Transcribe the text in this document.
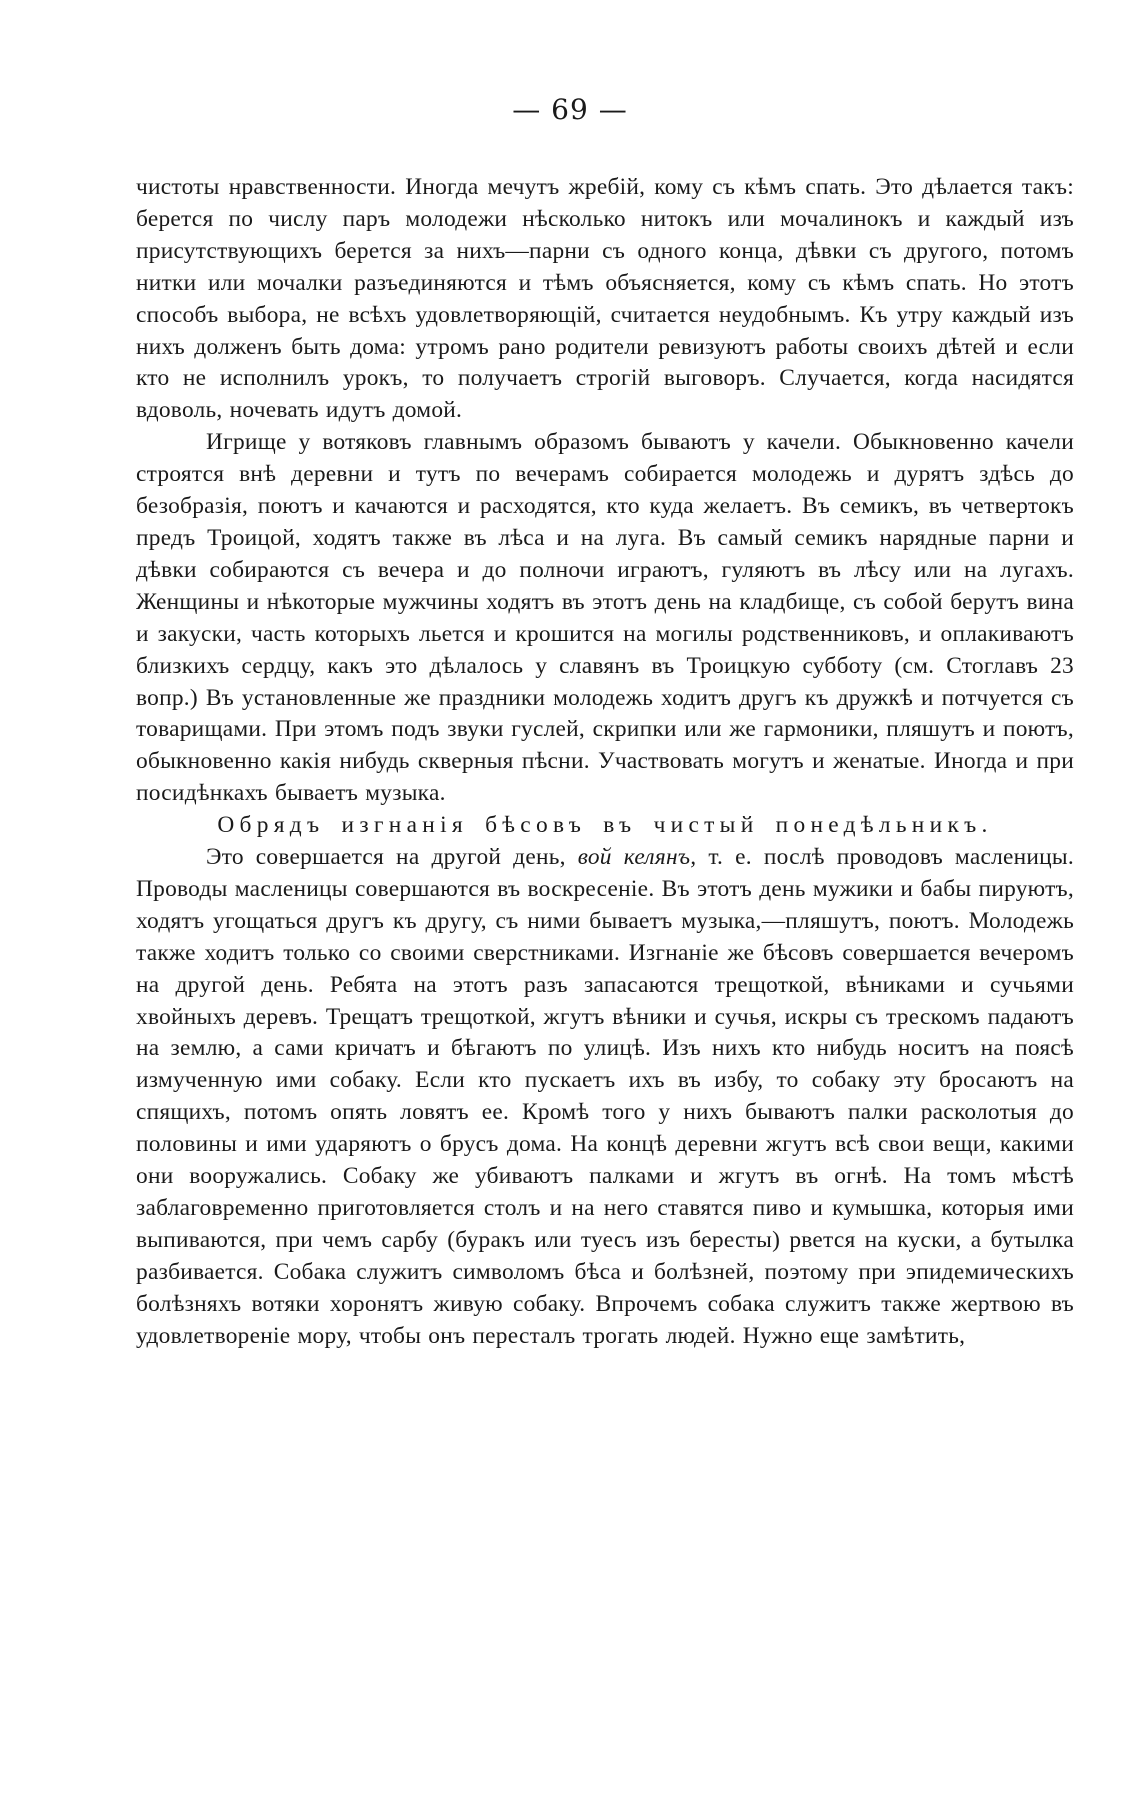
— 69 —

чистоты нравственности. Иногда мечутъ жребій, кому съ кѣмъ спать. Это дѣлается такъ: берется по числу паръ молодежи нѣсколько нитокъ или мочалинокъ и каждый изъ присутствующихъ берется за нихъ—парни съ одного конца, дѣвки съ другого, потомъ нитки или мочалки разъединяются и тѣмъ объясняется, кому съ кѣмъ спать. Но этотъ способъ выбора, не всѣхъ удовлетворяющій, считается неудобнымъ. Къ утру каждый изъ нихъ долженъ быть дома: утромъ рано родители ревизуютъ работы своихъ дѣтей и если кто не исполнилъ урокъ, то получаетъ строгій выговоръ. Случается, когда насидятся вдоволь, ночевать идутъ домой.

Игрище у вотяковъ главнымъ образомъ бываютъ у качели. Обыкновенно качели строятся внѣ деревни и тутъ по вечерамъ собирается молодежь и дурятъ здѣсь до безобразія, поютъ и качаются и расходятся, кто куда желаетъ. Въ семикъ, въ четвертокъ предъ Троицой, ходятъ также въ лѣса и на луга. Въ самый семикъ нарядные парни и дѣвки собираются съ вечера и до полночи играютъ, гуляютъ въ лѣсу или на лугахъ. Женщины и нѣкоторые мужчины ходятъ въ этотъ день на кладбище, съ собой берутъ вина и закуски, часть которыхъ льется и крошится на могилы родственниковъ, и оплакиваютъ близкихъ сердцу, какъ это дѣлалось у славянъ въ Троицкую субботу (см. Стоглавъ 23 вопр.) Въ установленные же праздники молодежь ходитъ другъ къ дружкѣ и потчуется съ товарищами. При этомъ подъ звуки гуслей, скрипки или же гармоники, пляшутъ и поютъ, обыкновенно какія нибудь скверныя пѣсни. Участвовать могутъ и женатые. Иногда и при посидѣнкахъ бываетъ музыка.

Обрядъ изгнанія бѣсовъ въ чистый понедѣльникъ.

Это совершается на другой день, вой келянъ, т. е. послѣ проводовъ масленицы. Проводы масленицы совершаются въ воскресеніе. Въ этотъ день мужики и бабы пируютъ, ходятъ угощаться другъ къ другу, съ ними бываетъ музыка,—пляшутъ, поютъ. Молодежь также ходитъ только со своими сверстниками. Изгнаніе же бѣсовъ совершается вечеромъ на другой день. Ребята на этотъ разъ запасаются трещоткой, вѣниками и сучьями хвойныхъ деревъ. Трещатъ трещоткой, жгутъ вѣники и сучья, искры съ трескомъ падаютъ на землю, а сами кричатъ и бѣгаютъ по улицѣ. Изъ нихъ кто нибудь носитъ на поясѣ измученную ими собаку. Если кто пускаетъ ихъ въ избу, то собаку эту бросаютъ на спящихъ, потомъ опять ловятъ ее. Кромѣ того у нихъ бываютъ палки расколотыя до половины и ими ударяютъ о брусъ дома. На концѣ деревни жгутъ всѣ свои вещи, какими они вооружались. Собаку же убиваютъ палками и жгутъ въ огнѣ. На томъ мѣстѣ заблаговременно приготовляется столъ и на него ставятся пиво и кумышка, которыя ими выпиваются, при чемъ сарбу (буракъ или туесъ изъ бересты) рвется на куски, а бутылка разбивается. Собака служитъ символомъ бѣса и болѣзней, поэтому при эпидемическихъ болѣзняхъ вотяки хоронятъ живую собаку. Впрочемъ собака служитъ также жертвою въ удовлетвореніе мору, чтобы онъ пересталъ трогать людей. Нужно еще замѣтить,
